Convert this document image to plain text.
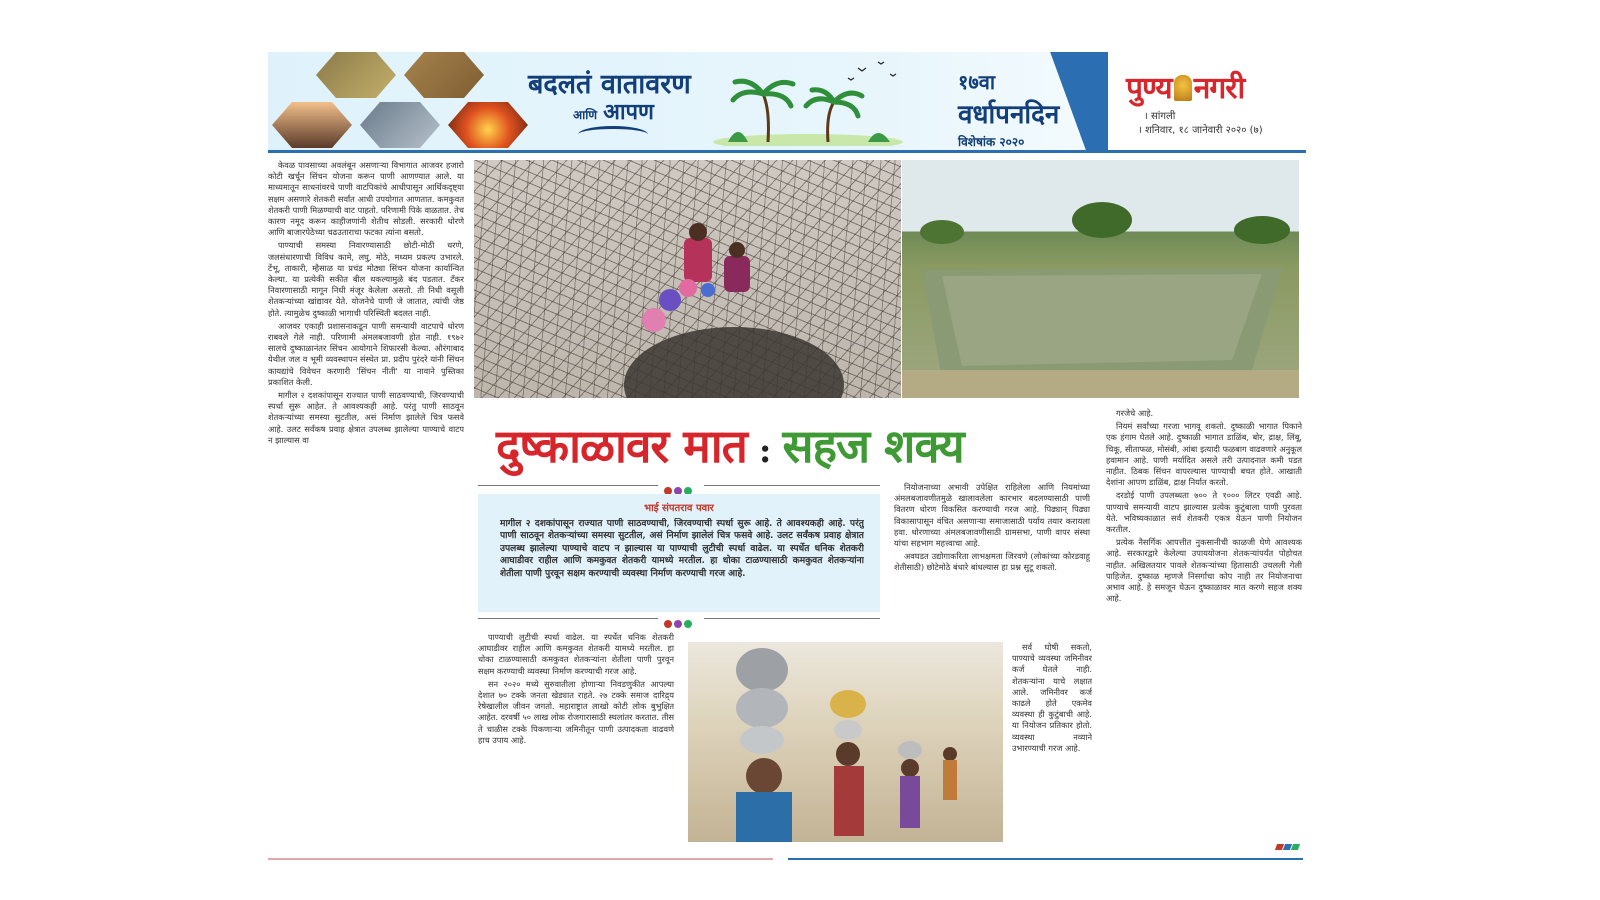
बदलतं वातावरण
आणि आपण
१७वा
वर्धापनदिन
विशेषांक २०२०
पुण्य नगरी
। सांगली
। शनिवार, १८ जानेवारी २०२० (७)

केवळ पावसाच्या अवलंबून असणाऱ्या विभागात आजवर हजारो कोटी खर्चून सिंचन योजना करून पाणी आणण्यात आले. या माध्यमातून साधनांवरचे पाणी वाटपिकांचे आधीपासून आर्थिकदृष्ट्या सक्षम असणारे शेतकरी सर्वांत आधी उपयोगात आणतात. कमकुवत शेतकरी पाणी मिळण्याची वाट पाहतो. परिणामी पिके वाळतात. तेच कारण नमूद करून काहीजणांनी शेतीच सोडली. सरकारी धोरणे आणि बाजारपेठेच्या चढउताराचा फटका त्यांना बसतो.

पाण्याची समस्या निवारण्यासाठी छोटी-मोठी धरणे, जलसंधारणाची विविध कामे, लघु, मोठे, मध्यम प्रकल्प उभारले. टेंभू, ताकारी, म्हैसाळ या प्रचंड मोठ्या सिंचन योजना कार्यान्वित केल्या. या प्रत्येकी सकीत बील थकल्यामुळे बंद पडतात. टँकर निवारणासाठी मागून निधी मंजूर केलेला असतो. ती निधी वसूली शेतकऱ्यांच्या खांद्यावर येते. योजनेचे पाणी जे जातात, त्यांची जेष्ठ होते. त्यामुळेच दुष्काळी भागाची परिस्थिती बदलत नाही.

आजवर एकाही प्रशासनाकडून पाणी समन्यायी वाटपाचे धोरण राबवले गेले नाही. परिणामी अंमलबजावणी होत नाही. १९७२ सालचे दुष्काळानंतर सिंचन आयोगाने शिफारसी केल्या. औरंगाबाद येथील जल व भूमी व्यवस्थापन संस्थेत प्रा. प्रदीप पुरंदरे यांनी सिंचन कायद्यांचे विवेचन करणारी 'सिंचन नीती' या नावाने पुस्तिका प्रकाशित केली.

मागील २ दशकांपासून राज्यात पाणी साठवण्याची, जिरवण्याची स्पर्धा सुरू आहेत. ते आवश्यकही आहे. परंतु पाणी साठवून शेतकऱ्यांच्या समस्या सुटतील, असं निर्माण झालेले चित्र फसवे आहे. उलट सर्वंकष प्रवाह क्षेत्रात उपलब्ध झालेल्या पाण्याचे वाटप न झाल्यास वा	दुष्काळावर मात : सहज शक्य
भाई संपतराव पवार
मागील २ दशकांपासून राज्यात पाणी साठवण्याची, जिरवण्याची स्पर्धा सुरू आहे. ते आवश्यकही आहे. परंतु पाणी साठवून शेतकऱ्यांच्या समस्या सुटतील, असं निर्माण झालेलं चित्र फसवे आहे. उलट सर्वंकष प्रवाह क्षेत्रात उपलब्ध झालेल्या पाण्याचे वाटप न झाल्यास या पाण्याची लुटीची स्पर्धा वाढेल. या स्पर्धेत धनिक शेतकरी आघाडीवर राहील आणि कमकुवत शेतकरी यामध्ये मरतील. हा धोका टाळण्यासाठी कमकुवत शेतकऱ्यांना शेतीला पाणी पुरवून सक्षम करण्याची व्यवस्था निर्माण करण्याची गरज आहे.

पाण्याची लुटीची स्पर्धा वाढेल. या स्पर्धेत धनिक शेतकरी आघाडीवर राहील आणि कमकुवत शेतकरी यामध्ये मरतील. हा धोका टाळण्यासाठी कमकुवत शेतकऱ्यांना शेतीला पाणी पुरवून सक्षम करण्याची व्यवस्था निर्माण करण्याची गरज आहे.

सन २०२० मध्ये सुरुवातीला होणाऱ्या निवडणुकीत आपल्या देशात ७० टक्के जनता खेड्यात राहते. २७ टक्के समाज दारिद्र्य रेषेखालील जीवन जगतो. महाराष्ट्रात लाखो कोटी लोक बुभुक्षित आहेत. दरवर्षी ५० लाख लोक रोजगारासाठी स्थलांतर करतात. तीस ते चाळीस टक्के पिकणाऱ्या जमिनीतून पाणी उत्पादकता वाढवणे हाच उपाय आहे.

नियोजनाच्या अभावी उपेक्षित राहिलेला आणि नियमांच्या अंमलबजावणीतमुळे खालावलेला कारभार बदलण्यासाठी पाणी वितरण धोरण विकसित करण्याची गरज आहे. पिढ्यान् पिढ्या विकासापासून वंचित असणाऱ्या समाजासाठी पर्याय तयार करायला हवा. धोरणाच्या अंमलबजावणीसाठी ग्रामसभा, पाणी वापर संस्था यांचा सहभाग महत्त्वाचा आहे.

अवघडत उद्योगाकरिता लाभक्षमता जिरवणे (लोकांच्या कोरडवाहू शेतीसाठी) छोटेमोठे बंधारे बांधल्यास हा प्रश्न सुटू शकतो.

सर्व घोषी सकतो, पाण्याचे व्यवस्था जमिनीवर कर्ज घेतले नाही. शेतकऱ्यांना याचे लक्षात आले. जमिनीवर कर्ज काढले होते एकमेव व्यवस्था ही कुटुंबाची आहे. या नियोजन प्रतिकार होतो. व्यवस्था नव्याने उभारण्याची गरज आहे.

गरजेचे आहे.

नियमं सर्वांच्या गरजा भागवू शकतो. दुष्काळी भागात पिकाने एक हंगाम घेतले आहे. दुष्काळी भागात डाळिंब, बोर, द्राक्ष, लिंबू, चिकू, सीताफळ, मोसंबी, आंबा इत्यादी फळबाग वाढवणारे अनुकूल हवामान आहे. पाणी मर्यादित असले तरी उत्पादनात कमी पडत नाहीत. ठिबक सिंचन वापरल्यास पाण्याची बचत होते. आखाती देशांना आपण डाळिंब, द्राक्ष निर्यात करतो.

दरडोई पाणी उपलब्धता ७०० ते १००० लिटर एवढी आहे. पाण्याचे समन्यायी वाटप झाल्यास प्रत्येक कुटुंबाला पाणी पुरवता येते. भविष्यकाळात सर्व शेतकरी एकत्र येऊन पाणी नियोजन करतील.

प्रत्येक नैसर्गिक आपत्तीत नुकसानीची काळजी घेणे आवश्यक आहे. सरकारद्वारे केलेल्या उपाययोजना शेतकऱ्यांपर्यंत पोहोचत नाहीत. अखिलतयार पावले शेतकऱ्यांच्या हितासाठी उचलली गेली पाहिजेत. दुष्काळ म्हणजे निसर्गाचा कोप नाही तर नियोजनाचा अभाव आहे. हे समजून घेऊन दुष्काळावर मात करणे सहज शक्य आहे.
